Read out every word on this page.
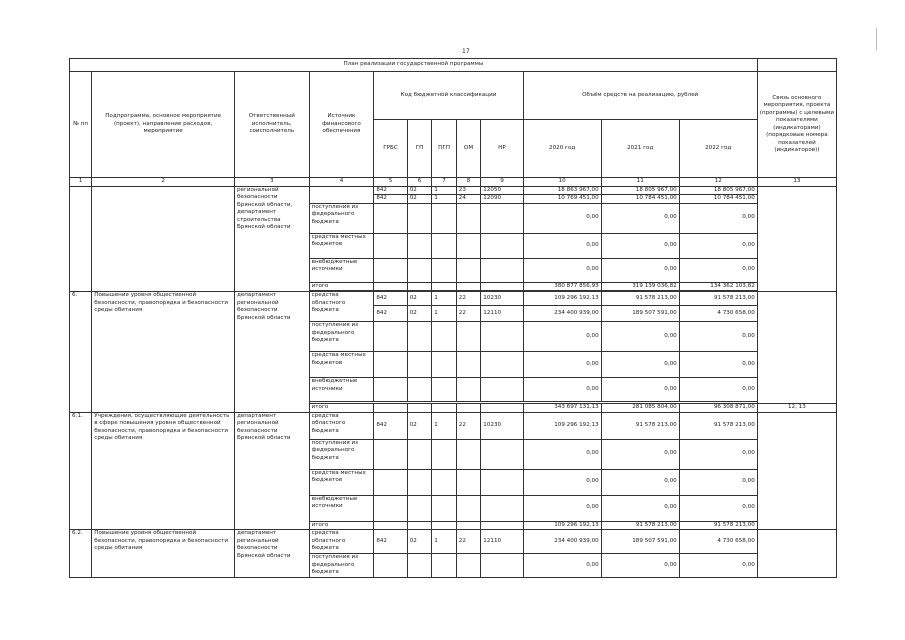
17
План реализации государственной программы												
№ пп	Подпрограмма, основное мероприятие (проект), направление расходов, мероприятие	Ответственный исполнитель, соисполнитель	Источник финансового обеспечения	Код бюджетной классификации					Объём средств на реализацию, рублей			Связь основного мероприятия, проекта (программы) с целевыми показателями (индикаторами) (порядковые номера показателей (индикаторов))
				ГРБС	ГП	ПГП	ОМ	НР	2020 год	2021 год	2022 год	
1	2	3	4	5	6	7	8	9	10	11	12	13
		региональной безопасности Брянской области, департамент строительства Брянской области		842	02	1	23	12050	18 863 967,00	18 805 967,00	18 805 967,00	
				842	02	1	24	12090	10 769 451,00	10 784 451,00	10 784 451,00	
			поступления из федерального бюджета						0,00	0,00	0,00	
			средства местных бюджетов						0,00	0,00	0,00	
			внебюджетные источники						0,00	0,00	0,00	
			итого						380 877 856,93	319 139 036,82	134 362 103,82	

6.	Повышение уровня общественной безопасности, правопорядка и безопасности среды обитания	департамент региональной безопасности Брянской области	средства областного бюджета	842	02	1	22	10230	109 296 192,13	91 578 213,00	91 578 213,00	
				842	02	1	22	12110	234 400 939,00	189 507 591,00	4 730 658,00	
			поступления из федерального бюджета						0,00	0,00	0,00	
			средства местных бюджетов						0,00	0,00	0,00	
			внебюджетные источники						0,00	0,00	0,00	

			итого						343 697 131,13	281 085 804,00	96 308 871,00	12, 13
6.1.	Учреждения, осуществляющие деятельность в сфере повышения уровня общественной безопасности, правопорядка и безопасности среды обитания	департамент региональной безопасности Брянской области	средства областного бюджета	842	02	1	22	10230	109 296 192,13	91 578 213,00	91 578 213,00	
			поступления из федерального бюджета						0,00	0,00	0,00	
			средства местных бюджетов						0,00	0,00	0,00	
			внебюджетные источники						0,00	0,00	0,00	
			итого						109 296 192,13	91 578 213,00	91 578 213,00	
6.2.	Повышение уровня общественной безопасности, правопорядка и безопасности среды обитания	департамент региональной безопасности Брянской области	средства областного бюджета	842	02	1	22	12110	234 400 939,00	189 507 591,00	4 730 658,00	
			поступления из федерального бюджета						0,00	0,00	0,00	
